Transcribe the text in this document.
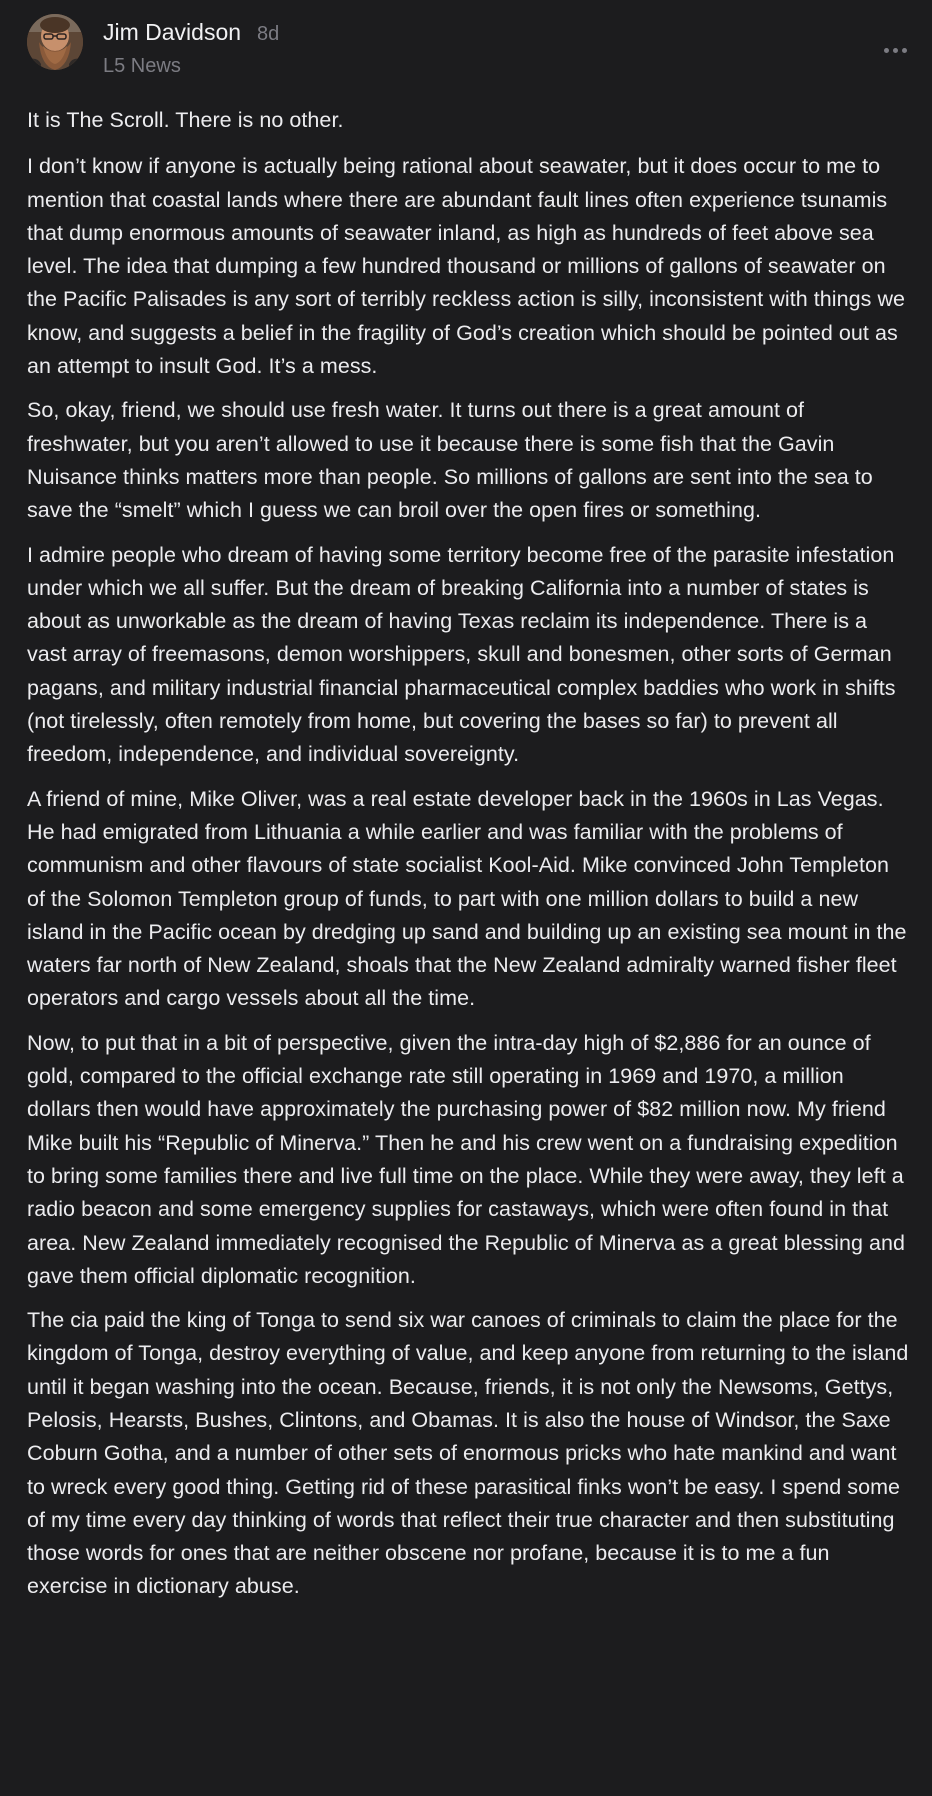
Jim Davidson 8d
L5 News

It is The Scroll. There is no other.

I don’t know if anyone is actually being rational about seawater, but it does occur to me to mention that coastal lands where there are abundant fault lines often experience tsunamis that dump enormous amounts of seawater inland, as high as hundreds of feet above sea level. The idea that dumping a few hundred thousand or millions of gallons of seawater on the Pacific Palisades is any sort of terribly reckless action is silly, inconsistent with things we know, and suggests a belief in the fragility of God’s creation which should be pointed out as an attempt to insult God. It’s a mess.

So, okay, friend, we should use fresh water. It turns out there is a great amount of freshwater, but you aren’t allowed to use it because there is some fish that the Gavin Nuisance thinks matters more than people. So millions of gallons are sent into the sea to save the “smelt” which I guess we can broil over the open fires or something.

I admire people who dream of having some territory become free of the parasite infestation under which we all suffer. But the dream of breaking California into a number of states is about as unworkable as the dream of having Texas reclaim its independence. There is a vast array of freemasons, demon worshippers, skull and bonesmen, other sorts of German pagans, and military industrial financial pharmaceutical complex baddies who work in shifts (not tirelessly, often remotely from home, but covering the bases so far) to prevent all freedom, independence, and individual sovereignty.

A friend of mine, Mike Oliver, was a real estate developer back in the 1960s in Las Vegas. He had emigrated from Lithuania a while earlier and was familiar with the problems of communism and other flavours of state socialist Kool-Aid. Mike convinced John Templeton of the Solomon Templeton group of funds, to part with one million dollars to build a new island in the Pacific ocean by dredging up sand and building up an existing sea mount in the waters far north of New Zealand, shoals that the New Zealand admiralty warned fisher fleet operators and cargo vessels about all the time.

Now, to put that in a bit of perspective, given the intra-day high of $2,886 for an ounce of gold, compared to the official exchange rate still operating in 1969 and 1970, a million dollars then would have approximately the purchasing power of $82 million now. My friend Mike built his “Republic of Minerva.” Then he and his crew went on a fundraising expedition to bring some families there and live full time on the place. While they were away, they left a radio beacon and some emergency supplies for castaways, which were often found in that area. New Zealand immediately recognised the Republic of Minerva as a great blessing and gave them official diplomatic recognition.

The cia paid the king of Tonga to send six war canoes of criminals to claim the place for the kingdom of Tonga, destroy everything of value, and keep anyone from returning to the island until it began washing into the ocean. Because, friends, it is not only the Newsoms, Gettys, Pelosis, Hearsts, Bushes, Clintons, and Obamas. It is also the house of Windsor, the Saxe Coburn Gotha, and a number of other sets of enormous pricks who hate mankind and want to wreck every good thing. Getting rid of these parasitical finks won’t be easy. I spend some of my time every day thinking of words that reflect their true character and then substituting those words for ones that are neither obscene nor profane, because it is to me a fun exercise in dictionary abuse.
